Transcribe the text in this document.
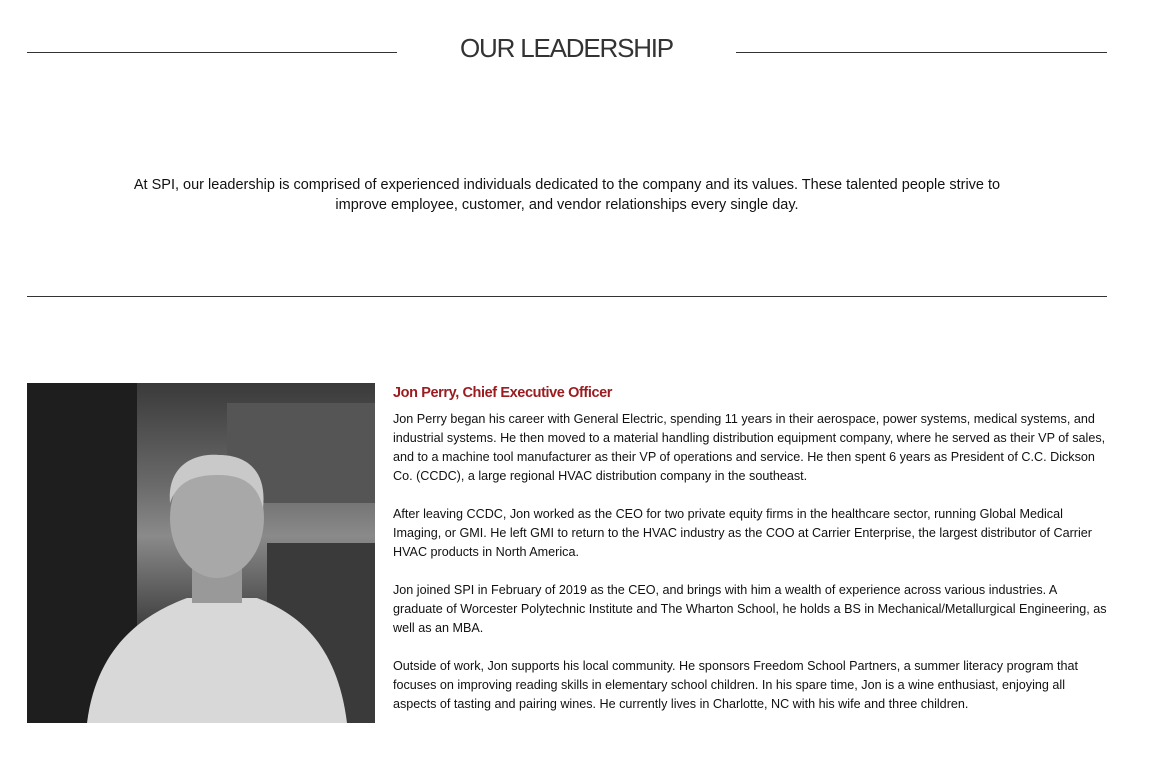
OUR LEADERSHIP

At SPI, our leadership is comprised of experienced individuals dedicated to the company and its values. These talented people strive to improve employee, customer, and vendor relationships every single day.

Jon Perry, Chief Executive Officer

Jon Perry began his career with General Electric, spending 11 years in their aerospace, power systems, medical systems, and industrial systems. He then moved to a material handling distribution equipment company, where he served as their VP of sales, and to a machine tool manufacturer as their VP of operations and service. He then spent 6 years as President of C.C. Dickson Co. (CCDC), a large regional HVAC distribution company in the southeast.

After leaving CCDC, Jon worked as the CEO for two private equity firms in the healthcare sector, running Global Medical Imaging, or GMI. He left GMI to return to the HVAC industry as the COO at Carrier Enterprise, the largest distributor of Carrier HVAC products in North America.

Jon joined SPI in February of 2019 as the CEO, and brings with him a wealth of experience across various industries. A graduate of Worcester Polytechnic Institute and The Wharton School, he holds a BS in Mechanical/Metallurgical Engineering, as well as an MBA.

Outside of work, Jon supports his local community. He sponsors Freedom School Partners, a summer literacy program that focuses on improving reading skills in elementary school children. In his spare time, Jon is a wine enthusiast, enjoying all aspects of tasting and pairing wines. He currently lives in Charlotte, NC with his wife and three children.
